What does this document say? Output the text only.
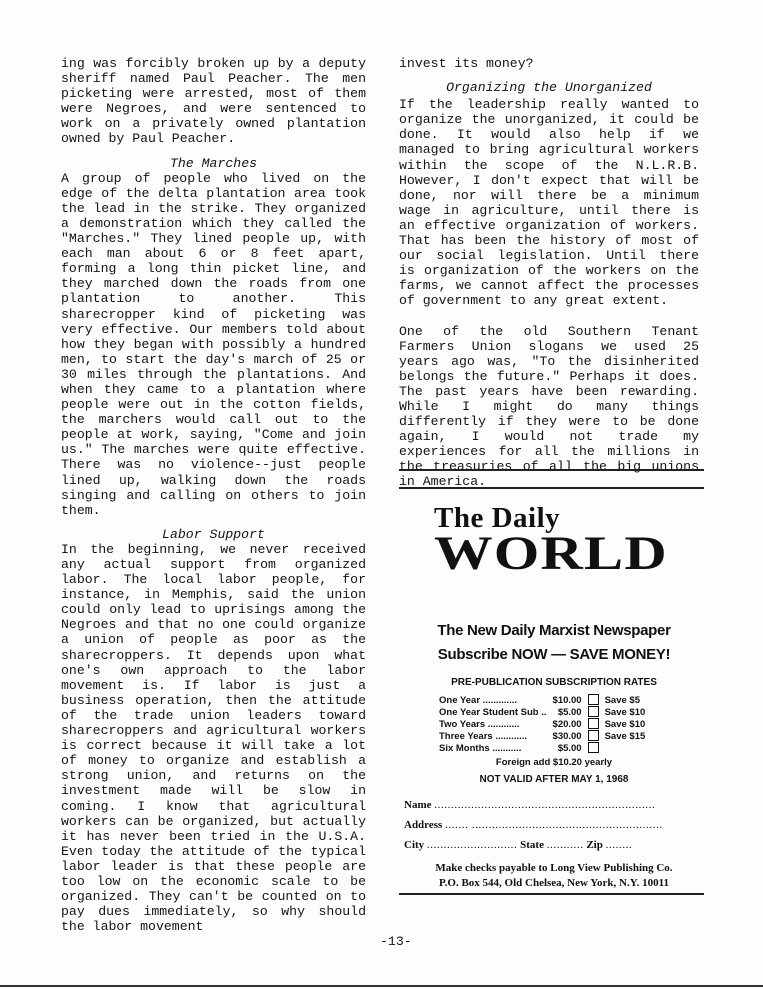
ing was forcibly broken up by a deputy sheriff named Paul Peacher. The men picketing were arrested, most of them were Negroes, and were sentenced to work on a privately owned plantation owned by Paul Peacher.

The Marches

A group of people who lived on the edge of the delta plantation area took the lead in the strike. They organized a demonstration which they called the "Marches." They lined people up, with each man about 6 or 8 feet apart, forming a long thin picket line, and they marched down the roads from one plantation to another. This sharecropper kind of picketing was very effective. Our members told about how they began with possibly a hundred men, to start the day's march of 25 or 30 miles through the plantations. And when they came to a plantation where people were out in the cotton fields, the marchers would call out to the people at work, saying, "Come and join us." The marches were quite effective. There was no violence--just people lined up, walking down the roads singing and calling on others to join them.

Labor Support

In the beginning, we never received any actual support from organized labor. The local labor people, for instance, in Memphis, said the union could only lead to uprisings among the Negroes and that no one could organize a union of people as poor as the sharecroppers. It depends upon what one's own approach to the labor movement is. If labor is just a business operation, then the attitude of the trade union leaders toward sharecroppers and agricultural workers is correct because it will take a lot of money to organize and establish a strong union, and returns on the investment made will be slow in coming. I know that agricultural workers can be organized, but actually it has never been tried in the U.S.A. Even today the attitude of the typical labor leader is that these people are too low on the economic scale to be organized. They can't be counted on to pay dues immediately, so why should the labor movement

invest its money?

Organizing the Unorganized

If the leadership really wanted to organize the unorganized, it could be done. It would also help if we managed to bring agricultural workers within the scope of the N.L.R.B. However, I don't expect that will be done, nor will there be a minimum wage in agriculture, until there is an effective organization of workers. That has been the history of most of our social legislation. Until there is organization of the workers on the farms, we cannot affect the processes of government to any great extent.

One of the old Southern Tenant Farmers Union slogans we used 25 years ago was, "To the disinherited belongs the future." Perhaps it does. The past years have been rewarding. While I might do many things differently if they were to be done again, I would not trade my experiences for all the millions in the treasuries of all the big unions in America.

The Daily
WORLD
The New Daily Marxist Newspaper
Subscribe NOW — SAVE MONEY!
PRE-PUBLICATION SUBSCRIPTION RATES
One Year .............	$10.00		Save $5
One Year Student Sub ..	$5.00		Save $10
Two Years ............	$20.00		Save $10
Three Years ............	$30.00		Save $15
Six Months ...........	$5.00		
Foreign add $10.20 yearly
NOT VALID AFTER MAY 1, 1968
Name ..................................................................
Address ....... .........................................................
City ........................... State ........... Zip ........
Make checks payable to Long View Publishing Co.
P.O. Box 544, Old Chelsea, New York, N.Y. 10011
-13-
